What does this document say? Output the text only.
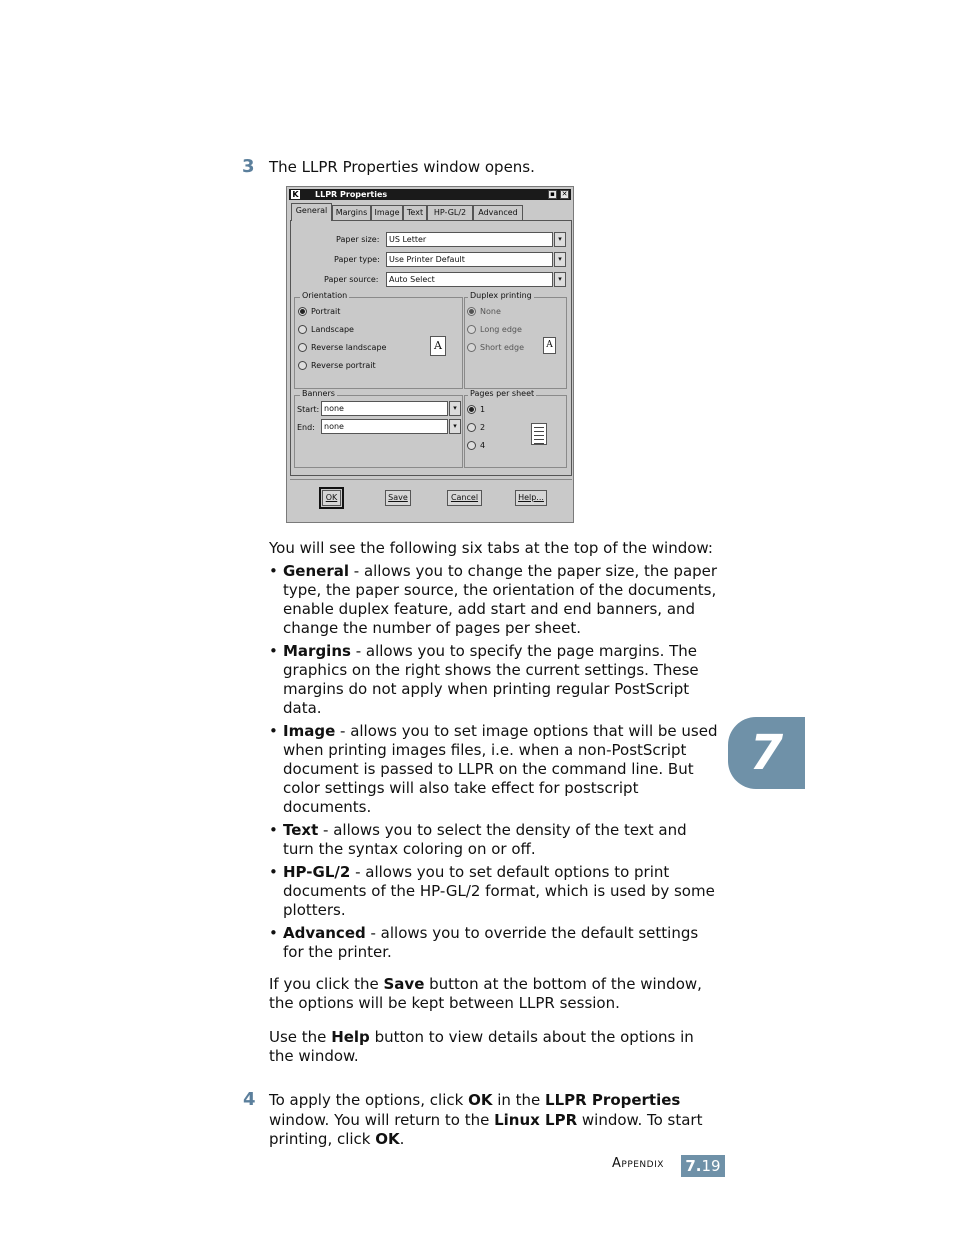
3 The LLPR Properties window opens.
K LLPR Properties	▪ ✕
General	Margins Image Text	HP-GL/2	Advanced
Paper size:	US Letter	▾
Paper type:	Use Printer Default	▾
Paper source:	Auto Select	▾
Orientation
Portrait
Landscape
Reverse landscape
Reverse portrait
A
Duplex printing
None
Long edge
Short edge	A
Banners
Start: none	▾
End:	none	▾
Pages per sheet
1
2
4
OK	Save	Cancel	Help...
You will see the following six tabs at the top of the window:
• General - allows you to change the paper size, the paper type, the paper source, the orientation of the documents, enable duplex feature, add start and end banners, and change the number of pages per sheet.
• Margins - allows you to specify the page margins. The graphics on the right shows the current settings. These margins do not apply when printing regular PostScript data.
• Image - allows you to set image options that will be used when printing images files, i.e. when a non-PostScript document is passed to LLPR on the command line. But color settings will also take effect for postscript documents.
• Text - allows you to select the density of the text and turn the syntax coloring on or off.
• HP-GL/2 - allows you to set default options to print documents of the HP-GL/2 format, which is used by some plotters.
• Advanced - allows you to override the default settings for the printer.
If you click the Save button at the bottom of the window, the options will be kept between LLPR session.
Use the Help button to view details about the options in the window.
4 To apply the options, click OK in the LLPR Properties window. You will return to the Linux LPR window. To start printing, click OK.
7
Appendix 7.19
